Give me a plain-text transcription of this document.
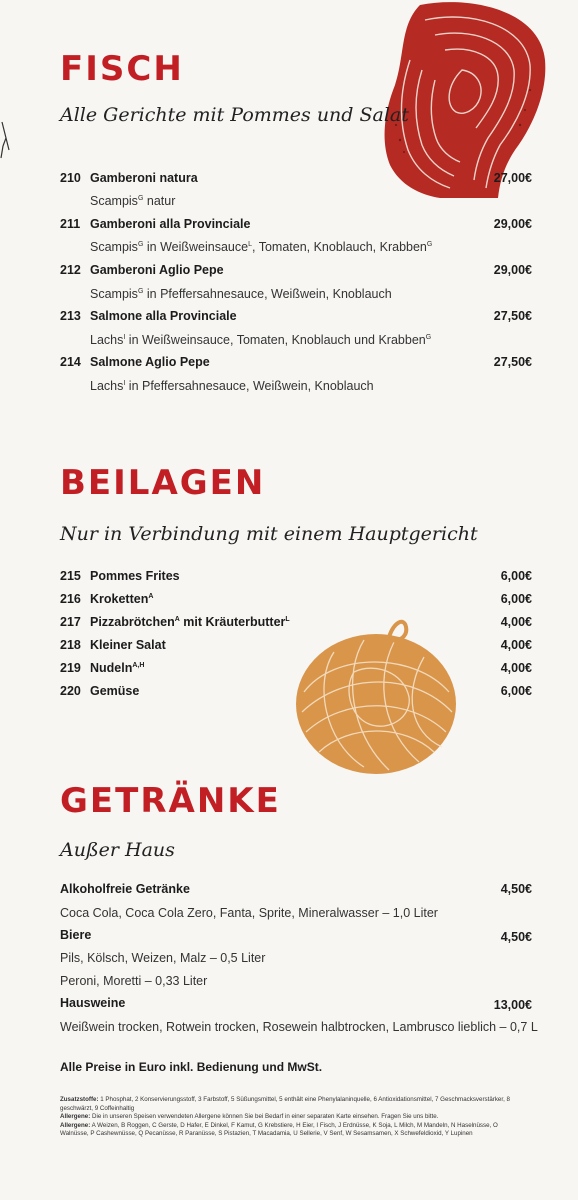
FISCH
Alle Gerichte mit Pommes und Salat
210 Gamberoni natura	27,00€
Scampis$^G$ natur
211 Gamberoni alla Provinciale	29,00€
Scampis$^G$ in Weißweinsauce$^L$, Tomaten, Knoblauch, Krabben$^G$
212 Gamberoni Aglio Pepe	29,00€
Scampis$^G$ in Pfeffersahnesauce, Weißwein, Knoblauch
213 Salmone alla Provinciale	27,50€
Lachs$^I$ in Weißweinsauce, Tomaten, Knoblauch und Krabben$^G$
214 Salmone Aglio Pepe	27,50€
Lachs$^I$ in Pfeffersahnesauce, Weißwein, Knoblauch
BEILAGEN
Nur in Verbindung mit einem Hauptgericht
215 Pommes Frites	6,00€
216 Kroketten$^A$	6,00€
217 Pizzabrötchen$^A$ mit Kräuterbutter$^L$	4,00€
218 Kleiner Salat	4,00€
219 Nudeln$^{A,H}$	4,00€
220 Gemüse	6,00€
GETRÄNKE
Außer Haus
Alkoholfreie Getränke	4,50€
Coca Cola, Coca Cola Zero, Fanta, Sprite, Mineralwasser – 1,0 Liter
Biere	4,50€
Pils, Kölsch, Weizen, Malz – 0,5 Liter
Peroni, Moretti – 0,33 Liter
Hausweine	13,00€
Weißwein trocken, Rotwein trocken, Rosewein halbtrocken, Lambrusco lieblich – 0,7 L
Alle Preise in Euro inkl. Bedienung und MwSt.
Zusatzstoffe: 1 Phosphat, 2 Konservierungsstoff, 3 Farbstoff, 5 Süßungsmittel, 5 enthält eine Phenylalaninquelle, 6 Antioxidationsmittel, 7 Geschmacksverstärker, 8 geschwärzt, 9 Coffeinhaltig
Allergene: Die in unseren Speisen verwendeten Allergene können Sie bei Bedarf in einer separaten Karte einsehen. Fragen Sie uns bitte.
Allergene: A Weizen, B Roggen, C Gerste, D Hafer, E Dinkel, F Kamut, G Krebstiere, H Eier, I Fisch, J Erdnüsse, K Soja, L Milch, M Mandeln, N Haselnüsse, O Walnüsse, P Cashewnüsse, Q Pecanüsse, R Paranüsse, S Pistazien, T Macadamia, U Sellerie, V Senf, W Sesamsamen, X Schwefeldioxid, Y Lupinen
